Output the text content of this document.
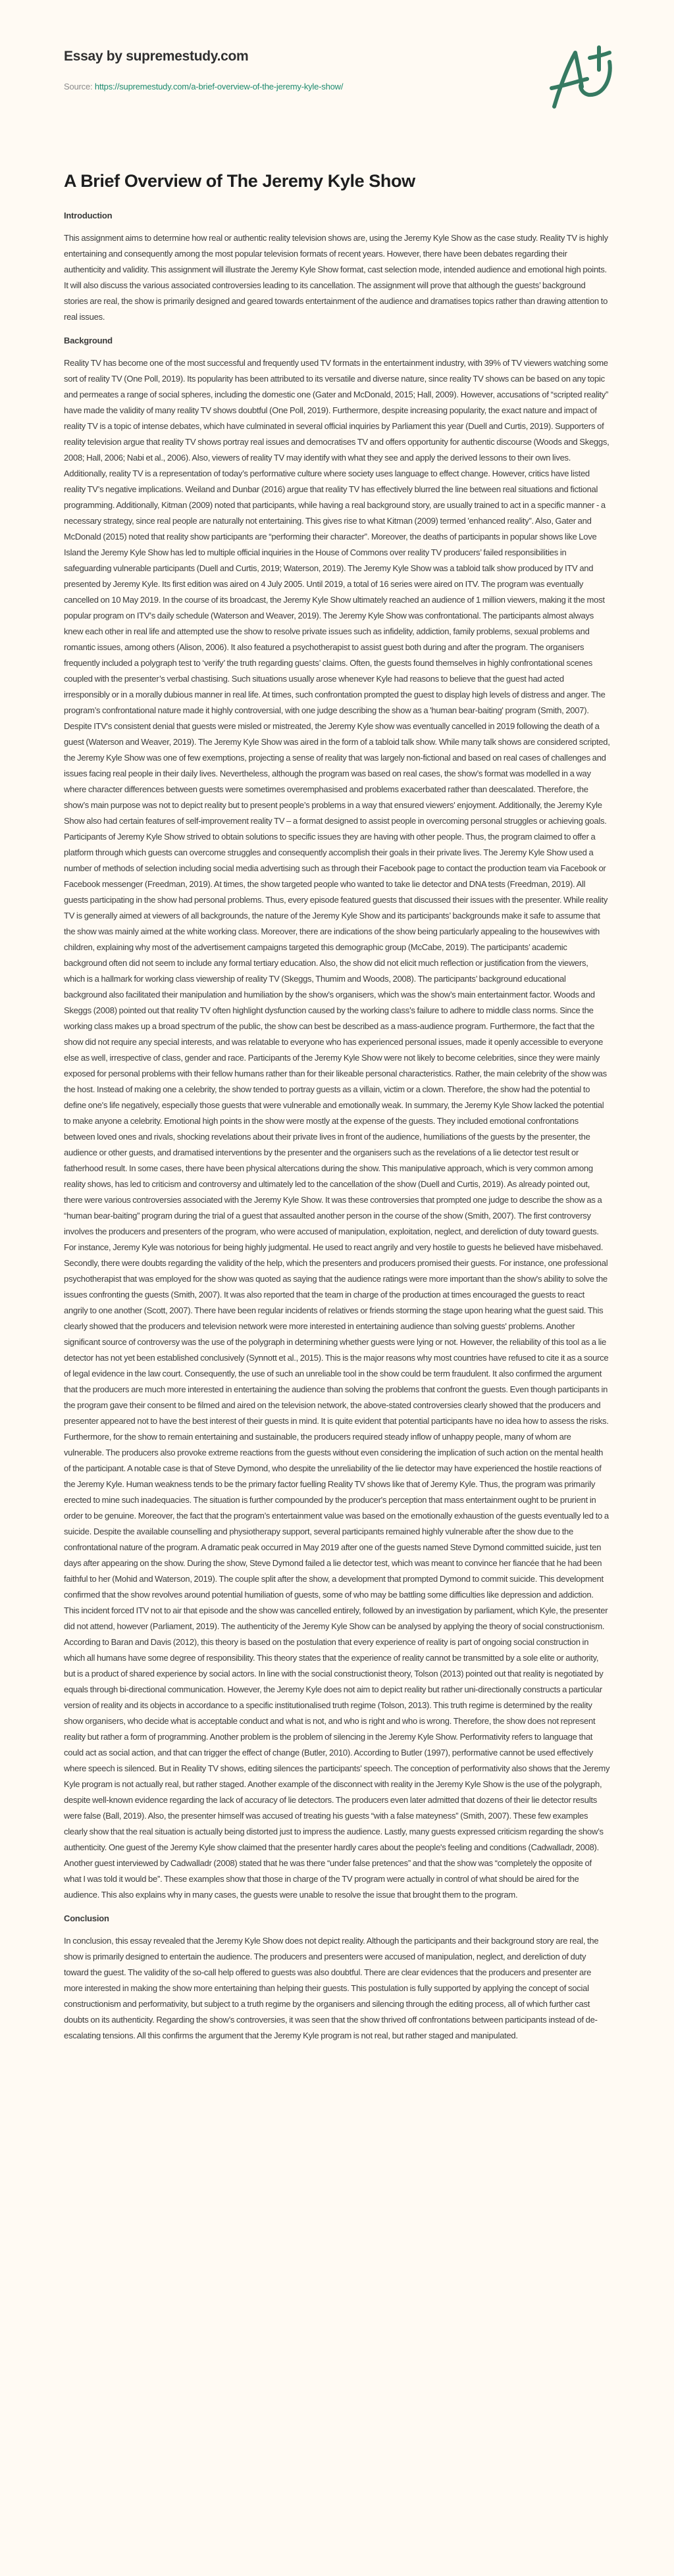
Essay by supremestudy.com
Source: https://supremestudy.com/a-brief-overview-of-the-jeremy-kyle-show/
A Brief Overview of The Jeremy Kyle Show
Introduction

This assignment aims to determine how real or authentic reality television shows are, using the Jeremy Kyle Show as the case study. Reality TV is highly entertaining and consequently among the most popular television formats of recent years. However, there have been debates regarding their authenticity and validity. This assignment will illustrate the Jeremy Kyle Show format, cast selection mode, intended audience and emotional high points. It will also discuss the various associated controversies leading to its cancellation. The assignment will prove that although the guests’ background stories are real, the show is primarily designed and geared towards entertainment of the audience and dramatises topics rather than drawing attention to real issues.

Background

Reality TV has become one of the most successful and frequently used TV formats in the entertainment industry, with 39% of TV viewers watching some sort of reality TV (One Poll, 2019). Its popularity has been attributed to its versatile and diverse nature, since reality TV shows can be based on any topic and permeates a range of social spheres, including the domestic one (Gater and McDonald, 2015; Hall, 2009). However, accusations of “scripted reality” have made the validity of many reality TV shows doubtful (One Poll, 2019). Furthermore, despite increasing popularity, the exact nature and impact of reality TV is a topic of intense debates, which have culminated in several official inquiries by Parliament this year (Duell and Curtis, 2019). Supporters of reality television argue that reality TV shows portray real issues and democratises TV and offers opportunity for authentic discourse (Woods and Skeggs, 2008; Hall, 2006; Nabi et al., 2006). Also, viewers of reality TV may identify with what they see and apply the derived lessons to their own lives. Additionally, reality TV is a representation of today’s performative culture where society uses language to effect change. However, critics have listed reality TV’s negative implications. Weiland and Dunbar (2016) argue that reality TV has effectively blurred the line between real situations and fictional programming. Additionally, Kitman (2009) noted that participants, while having a real background story, are usually trained to act in a specific manner - a necessary strategy, since real people are naturally not entertaining. This gives rise to what Kitman (2009) termed 'enhanced reality”. Also, Gater and McDonald (2015) noted that reality show participants are “performing their character”. Moreover, the deaths of participants in popular shows like Love Island the Jeremy Kyle Show has led to multiple official inquiries in the House of Commons over reality TV producers’ failed responsibilities in safeguarding vulnerable participants (Duell and Curtis, 2019; Waterson, 2019). The Jeremy Kyle Show was a tabloid talk show produced by ITV and presented by Jeremy Kyle. Its first edition was aired on 4 July 2005. Until 2019, a total of 16 series were aired on ITV. The program was eventually cancelled on 10 May 2019. In the course of its broadcast, the Jeremy Kyle Show ultimately reached an audience of 1 million viewers, making it the most popular program on ITV’s daily schedule (Waterson and Weaver, 2019). The Jeremy Kyle Show was confrontational. The participants almost always knew each other in real life and attempted use the show to resolve private issues such as infidelity, addiction, family problems, sexual problems and romantic issues, among others (Alison, 2006). It also featured a psychotherapist to assist guest both during and after the program. The organisers frequently included a polygraph test to ‘verify’ the truth regarding guests’ claims. Often, the guests found themselves in highly confrontational scenes coupled with the presenter’s verbal chastising. Such situations usually arose whenever Kyle had reasons to believe that the guest had acted irresponsibly or in a morally dubious manner in real life. At times, such confrontation prompted the guest to display high levels of distress and anger. The program’s confrontational nature made it highly controversial, with one judge describing the show as a 'human bear-baiting' program (Smith, 2007). Despite ITV's consistent denial that guests were misled or mistreated, the Jeremy Kyle show was eventually cancelled in 2019 following the death of a guest (Waterson and Weaver, 2019). The Jeremy Kyle Show was aired in the form of a tabloid talk show. While many talk shows are considered scripted, the Jeremy Kyle Show was one of few exemptions, projecting a sense of reality that was largely non-fictional and based on real cases of challenges and issues facing real people in their daily lives. Nevertheless, although the program was based on real cases, the show’s format was modelled in a way where character differences between guests were sometimes overemphasised and problems exacerbated rather than deescalated. Therefore, the show’s main purpose was not to depict reality but to present people’s problems in a way that ensured viewers' enjoyment. Additionally, the Jeremy Kyle Show also had certain features of self-improvement reality TV – a format designed to assist people in overcoming personal struggles or achieving goals. Participants of Jeremy Kyle Show strived to obtain solutions to specific issues they are having with other people. Thus, the program claimed to offer a platform through which guests can overcome struggles and consequently accomplish their goals in their private lives. The Jeremy Kyle Show used a number of methods of selection including social media advertising such as through their Facebook page to contact the production team via Facebook or Facebook messenger (Freedman, 2019). At times, the show targeted people who wanted to take lie detector and DNA tests (Freedman, 2019). All guests participating in the show had personal problems. Thus, every episode featured guests that discussed their issues with the presenter. While reality TV is generally aimed at viewers of all backgrounds, the nature of the Jeremy Kyle Show and its participants’ backgrounds make it safe to assume that the show was mainly aimed at the white working class. Moreover, there are indications of the show being particularly appealing to the housewives with children, explaining why most of the advertisement campaigns targeted this demographic group (McCabe, 2019). The participants’ academic background often did not seem to include any formal tertiary education. Also, the show did not elicit much reflection or justification from the viewers, which is a hallmark for working class viewership of reality TV (Skeggs, Thumim and Woods, 2008). The participants’ background educational background also facilitated their manipulation and humiliation by the show’s organisers, which was the show’s main entertainment factor. Woods and Skeggs (2008) pointed out that reality TV often highlight dysfunction caused by the working class’s failure to adhere to middle class norms. Since the working class makes up a broad spectrum of the public, the show can best be described as a mass-audience program. Furthermore, the fact that the show did not require any special interests, and was relatable to everyone who has experienced personal issues, made it openly accessible to everyone else as well, irrespective of class, gender and race. Participants of the Jeremy Kyle Show were not likely to become celebrities, since they were mainly exposed for personal problems with their fellow humans rather than for their likeable personal characteristics. Rather, the main celebrity of the show was the host. Instead of making one a celebrity, the show tended to portray guests as a villain, victim or a clown. Therefore, the show had the potential to define one's life negatively, especially those guests that were vulnerable and emotionally weak. In summary, the Jeremy Kyle Show lacked the potential to make anyone a celebrity. Emotional high points in the show were mostly at the expense of the guests. They included emotional confrontations between loved ones and rivals, shocking revelations about their private lives in front of the audience, humiliations of the guests by the presenter, the audience or other guests, and dramatised interventions by the presenter and the organisers such as the revelations of a lie detector test result or fatherhood result. In some cases, there have been physical altercations during the show. This manipulative approach, which is very common among reality shows, has led to criticism and controversy and ultimately led to the cancellation of the show (Duell and Curtis, 2019). As already pointed out, there were various controversies associated with the Jeremy Kyle Show. It was these controversies that prompted one judge to describe the show as a “human bear-baiting” program during the trial of a guest that assaulted another person in the course of the show (Smith, 2007). The first controversy involves the producers and presenters of the program, who were accused of manipulation, exploitation, neglect, and dereliction of duty toward guests. For instance, Jeremy Kyle was notorious for being highly judgmental. He used to react angrily and very hostile to guests he believed have misbehaved. Secondly, there were doubts regarding the validity of the help, which the presenters and producers promised their guests. For instance, one professional psychotherapist that was employed for the show was quoted as saying that the audience ratings were more important than the show's ability to solve the issues confronting the guests (Smith, 2007). It was also reported that the team in charge of the production at times encouraged the guests to react angrily to one another (Scott, 2007). There have been regular incidents of relatives or friends storming the stage upon hearing what the guest said. This clearly showed that the producers and television network were more interested in entertaining audience than solving guests' problems. Another significant source of controversy was the use of the polygraph in determining whether guests were lying or not. However, the reliability of this tool as a lie detector has not yet been established conclusively (Synnott et al., 2015). This is the major reasons why most countries have refused to cite it as a source of legal evidence in the law court. Consequently, the use of such an unreliable tool in the show could be term fraudulent. It also confirmed the argument that the producers are much more interested in entertaining the audience than solving the problems that confront the guests. Even though participants in the program gave their consent to be filmed and aired on the television network, the above-stated controversies clearly showed that the producers and presenter appeared not to have the best interest of their guests in mind. It is quite evident that potential participants have no idea how to assess the risks. Furthermore, for the show to remain entertaining and sustainable, the producers required steady inflow of unhappy people, many of whom are vulnerable. The producers also provoke extreme reactions from the guests without even considering the implication of such action on the mental health of the participant. A notable case is that of Steve Dymond, who despite the unreliability of the lie detector may have experienced the hostile reactions of the Jeremy Kyle. Human weakness tends to be the primary factor fuelling Reality TV shows like that of Jeremy Kyle. Thus, the program was primarily erected to mine such inadequacies. The situation is further compounded by the producer's perception that mass entertainment ought to be prurient in order to be genuine. Moreover, the fact that the program’s entertainment value was based on the emotionally exhaustion of the guests eventually led to a suicide. Despite the available counselling and physiotherapy support, several participants remained highly vulnerable after the show due to the confrontational nature of the program. A dramatic peak occurred in May 2019 after one of the guests named Steve Dymond committed suicide, just ten days after appearing on the show. During the show, Steve Dymond failed a lie detector test, which was meant to convince her fiancée that he had been faithful to her (Mohid and Waterson, 2019). The couple split after the show, a development that prompted Dymond to commit suicide. This development confirmed that the show revolves around potential humiliation of guests, some of who may be battling some difficulties like depression and addiction. This incident forced ITV not to air that episode and the show was cancelled entirely, followed by an investigation by parliament, which Kyle, the presenter did not attend, however (Parliament, 2019). The authenticity of the Jeremy Kyle Show can be analysed by applying the theory of social constructionism. According to Baran and Davis (2012), this theory is based on the postulation that every experience of reality is part of ongoing social construction in which all humans have some degree of responsibility. This theory states that the experience of reality cannot be transmitted by a sole elite or authority, but is a product of shared experience by social actors. In line with the social constructionist theory, Tolson (2013) pointed out that reality is negotiated by equals through bi-directional communication. However, the Jeremy Kyle does not aim to depict reality but rather uni-directionally constructs a particular version of reality and its objects in accordance to a specific institutionalised truth regime (Tolson, 2013). This truth regime is determined by the reality show organisers, who decide what is acceptable conduct and what is not, and who is right and who is wrong. Therefore, the show does not represent reality but rather a form of programming. Another problem is the problem of silencing in the Jeremy Kyle Show. Performativity refers to language that could act as social action, and that can trigger the effect of change (Butler, 2010). According to Butler (1997), performative cannot be used effectively where speech is silenced. But in Reality TV shows, editing silences the participants' speech. The conception of performativity also shows that the Jeremy Kyle program is not actually real, but rather staged. Another example of the disconnect with reality in the Jeremy Kyle Show is the use of the polygraph, despite well-known evidence regarding the lack of accuracy of lie detectors. The producers even later admitted that dozens of their lie detector results were false (Ball, 2019). Also, the presenter himself was accused of treating his guests “with a false mateyness” (Smith, 2007). These few examples clearly show that the real situation is actually being distorted just to impress the audience. Lastly, many guests expressed criticism regarding the show’s authenticity. One guest of the Jeremy Kyle show claimed that the presenter hardly cares about the people's feeling and conditions (Cadwalladr, 2008). Another guest interviewed by Cadwalladr (2008) stated that he was there “under false pretences” and that the show was “completely the opposite of what I was told it would be”. These examples show that those in charge of the TV program were actually in control of what should be aired for the audience. This also explains why in many cases, the guests were unable to resolve the issue that brought them to the program.

Conclusion

In conclusion, this essay revealed that the Jeremy Kyle Show does not depict reality. Although the participants and their background story are real, the show is primarily designed to entertain the audience. The producers and presenters were accused of manipulation, neglect, and dereliction of duty toward the guest. The validity of the so-call help offered to guests was also doubtful. There are clear evidences that the producers and presenter are more interested in making the show more entertaining than helping their guests. This postulation is fully supported by applying the concept of social constructionism and performativity, but subject to a truth regime by the organisers and silencing through the editing process, all of which further cast doubts on its authenticity. Regarding the show’s controversies, it was seen that the show thrived off confrontations between participants instead of de-escalating tensions. All this confirms the argument that the Jeremy Kyle program is not real, but rather staged and manipulated.
